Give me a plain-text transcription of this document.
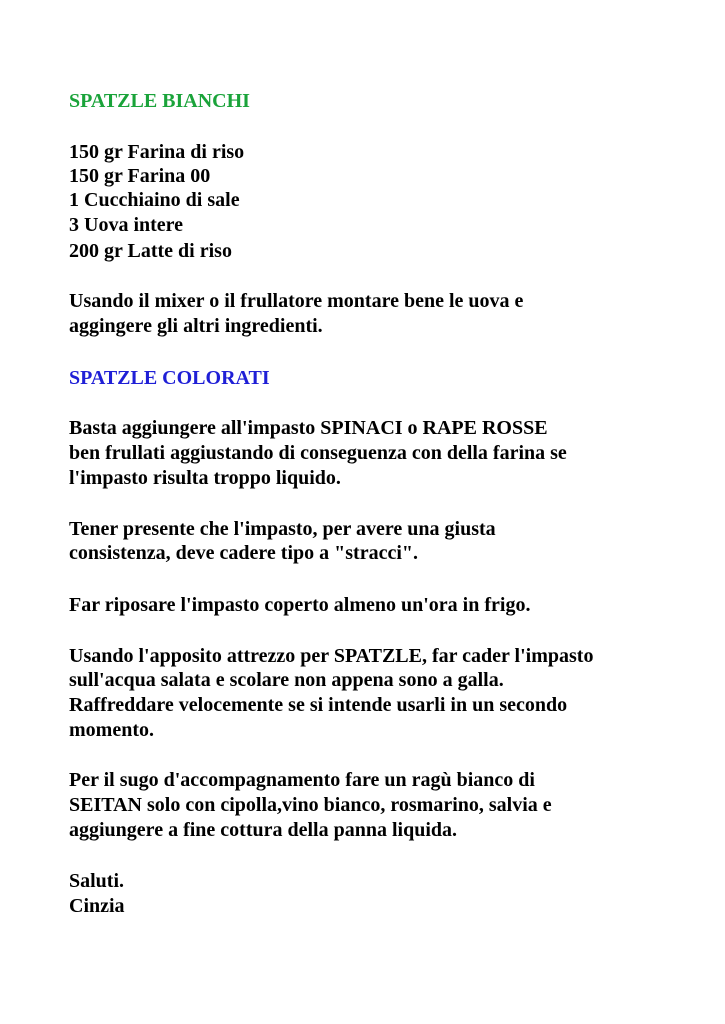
SPATZLE BIANCHI
150 gr Farina di riso
150 gr Farina 00
1 Cucchiaino di sale
3 Uova intere
200 gr Latte di riso
Usando il mixer o il frullatore montare bene le uova e
aggingere gli altri ingredienti.
SPATZLE COLORATI
Basta aggiungere all'impasto SPINACI o RAPE ROSSE
ben frullati aggiustando di conseguenza con della farina se
l'impasto risulta troppo liquido.
Tener presente che l'impasto, per avere una giusta
consistenza, deve cadere tipo a "stracci".
Far riposare l'impasto coperto almeno un'ora in frigo.
Usando l'apposito attrezzo per SPATZLE, far cader l'impasto
sull'acqua salata e scolare non appena sono a galla.
Raffreddare velocemente se si intende usarli in un secondo
momento.
Per il sugo d'accompagnamento fare un ragù bianco di
SEITAN solo con cipolla,vino bianco, rosmarino, salvia e
aggiungere a fine cottura della panna liquida.
Saluti.
Cinzia
